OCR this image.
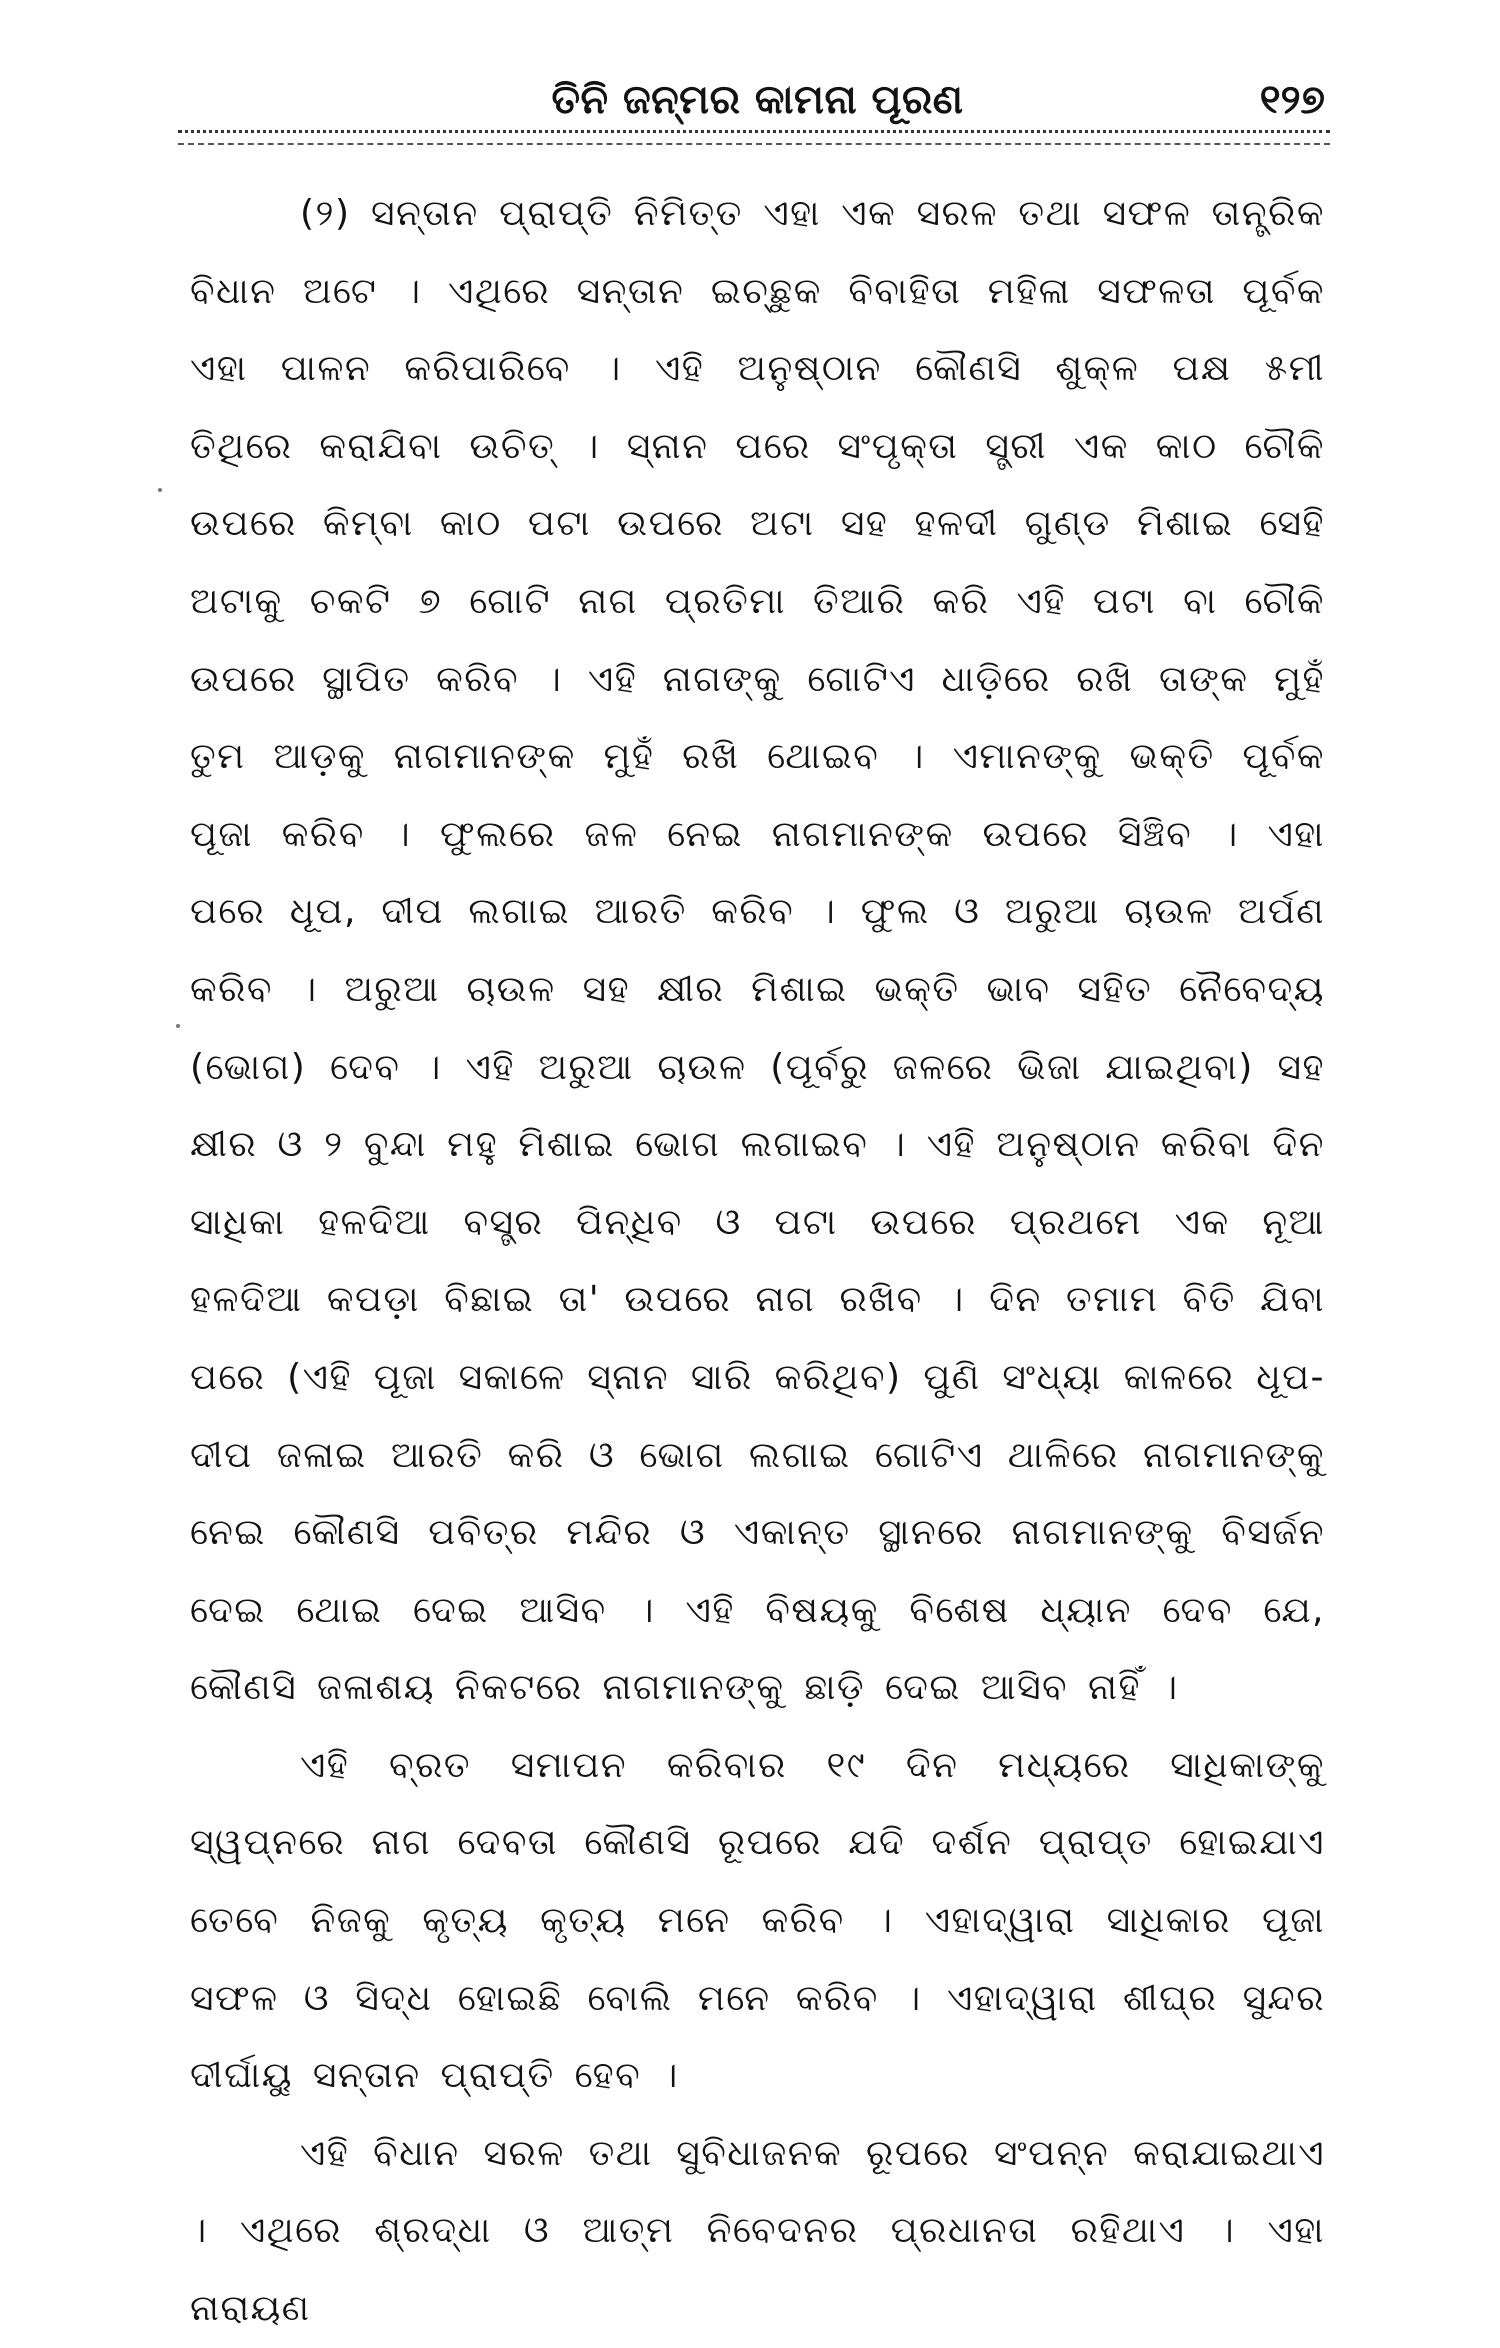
ତିନି ଜନ୍ମର କାମନା ପୂରଣ	୧୨୭

(୨) ସନ୍ତାନ ପ୍ରାପ୍ତି ନିମିତ୍ତ ଏହା ଏକ ସରଳ ତଥା ସଫଳ ତାନ୍ତ୍ରିକ ବିଧାନ ଅଟେ । ଏଥିରେ ସନ୍ତାନ ଇଚ୍ଛୁକ ବିବାହିତା ମହିଳା ସଫଳତା ପୂର୍ବକ ଏହା ପାଳନ କରିପାରିବେ । ଏହି ଅନୁଷ୍ଠାନ କୌଣସି ଶୁକ୍ଳ ପକ୍ଷ ୫ମୀ ତିଥିରେ କରାଯିବା ଉଚିତ୍ । ସ୍ନାନ ପରେ ସଂପୃକ୍ତା ସ୍ତ୍ରୀ ଏକ କାଠ ଚୌକି ଉପରେ କିମ୍ବା କାଠ ପଟା ଉପରେ ଅଟା ସହ ହଳଦୀ ଗୁଣ୍ଡ ମିଶାଇ ସେହି ଅଟାକୁ ଚକଟି ୭ ଗୋଟି ନାଗ ପ୍ରତିମା ତିଆରି କରି ଏହି ପଟା ବା ଚୌକି ଉପରେ ସ୍ଥାପିତ କରିବ । ଏହି ନାଗଙ୍କୁ ଗୋଟିଏ ଧାଡ଼ିରେ ରଖି ତାଙ୍କ ମୁହଁ ତୁମ ଆଡ଼କୁ ନାଗମାନଙ୍କ ମୁହଁ ରଖି ଥୋଇବ । ଏମାନଙ୍କୁ ଭକ୍ତି ପୂର୍ବକ ପୂଜା କରିବ । ଫୁଲରେ ଜଳ ନେଇ ନାଗମାନଙ୍କ ଉପରେ ସିଞ୍ଚିବ । ଏହା ପରେ ଧୂପ, ଦୀପ ଲଗାଇ ଆରତି କରିବ । ଫୁଲ ଓ ଅରୁଆ ଚାଉଳ ଅର୍ପଣ କରିବ । ଅରୁଆ ଚାଉଳ ସହ କ୍ଷୀର ମିଶାଇ ଭକ୍ତି ଭାବ ସହିତ ନୈବେଦ୍ୟ (ଭୋଗ) ଦେବ । ଏହି ଅରୁଆ ଚାଉଳ (ପୂର୍ବରୁ ଜଳରେ ଭିଜା ଯାଇଥିବା) ସହ କ୍ଷୀର ଓ ୨ ବୁନ୍ଦା ମହୁ ମିଶାଇ ଭୋଗ ଲଗାଇବ । ଏହି ଅନୁଷ୍ଠାନ କରିବା ଦିନ ସାଧିକା ହଳଦିଆ ବସ୍ତ୍ର ପିନ୍ଧିବ ଓ ପଟା ଉପରେ ପ୍ରଥମେ ଏକ ନୂଆ ହଳଦିଆ କପଡ଼ା ବିଛାଇ ତା' ଉପରେ ନାଗ ରଖିବ । ଦିନ ତମାମ ବିତି ଯିବା ପରେ (ଏହି ପୂଜା ସକାଳେ ସ୍ନାନ ସାରି କରିଥିବ) ପୁଣି ସଂଧ୍ୟା କାଳରେ ଧୂପ-ଦୀପ ଜଳାଇ ଆରତି କରି ଓ ଭୋଗ ଲଗାଇ ଗୋଟିଏ ଥାଳିରେ ନାଗମାନଙ୍କୁ ନେଇ କୌଣସି ପବିତ୍ର ମନ୍ଦିର ଓ ଏକାନ୍ତ ସ୍ଥାନରେ ନାଗମାନଙ୍କୁ ବିସର୍ଜନ ଦେଇ ଥୋଇ ଦେଇ ଆସିବ । ଏହି ବିଷୟକୁ ବିଶେଷ ଧ୍ୟାନ ଦେବ ଯେ, କୌଣସି ଜଳାଶୟ ନିକଟରେ ନାଗମାନଙ୍କୁ ଛାଡ଼ି ଦେଇ ଆସିବ ନାହିଁ ।

ଏହି ବ୍ରତ ସମାପନ କରିବାର ୧୯ ଦିନ ମଧ୍ୟରେ ସାଧିକାଙ୍କୁ ସ୍ୱପ୍ନରେ ନାଗ ଦେବତା କୌଣସି ରୂପରେ ଯଦି ଦର୍ଶନ ପ୍ରାପ୍ତ ହୋଇଯାଏ ତେବେ ନିଜକୁ କୃତ୍ୟ କୃତ୍ୟ ମନେ କରିବ । ଏହାଦ୍ୱାରା ସାଧିକାର ପୂଜା ସଫଳ ଓ ସିଦ୍ଧ ହୋଇଛି ବୋଲି ମନେ କରିବ । ଏହାଦ୍ୱାରା ଶୀଘ୍ର ସୁନ୍ଦର ଦୀର୍ଘାୟୁ ସନ୍ତାନ ପ୍ରାପ୍ତି ହେବ ।

ଏହି ବିଧାନ ସରଳ ତଥା ସୁବିଧାଜନକ ରୂପରେ ସଂପନ୍ନ କରାଯାଇଥାଏ । ଏଥିରେ ଶ୍ରଦ୍ଧା ଓ ଆତ୍ମ ନିବେଦନର ପ୍ରଧାନତା ରହିଥାଏ । ଏହା ନାରାୟଣ
